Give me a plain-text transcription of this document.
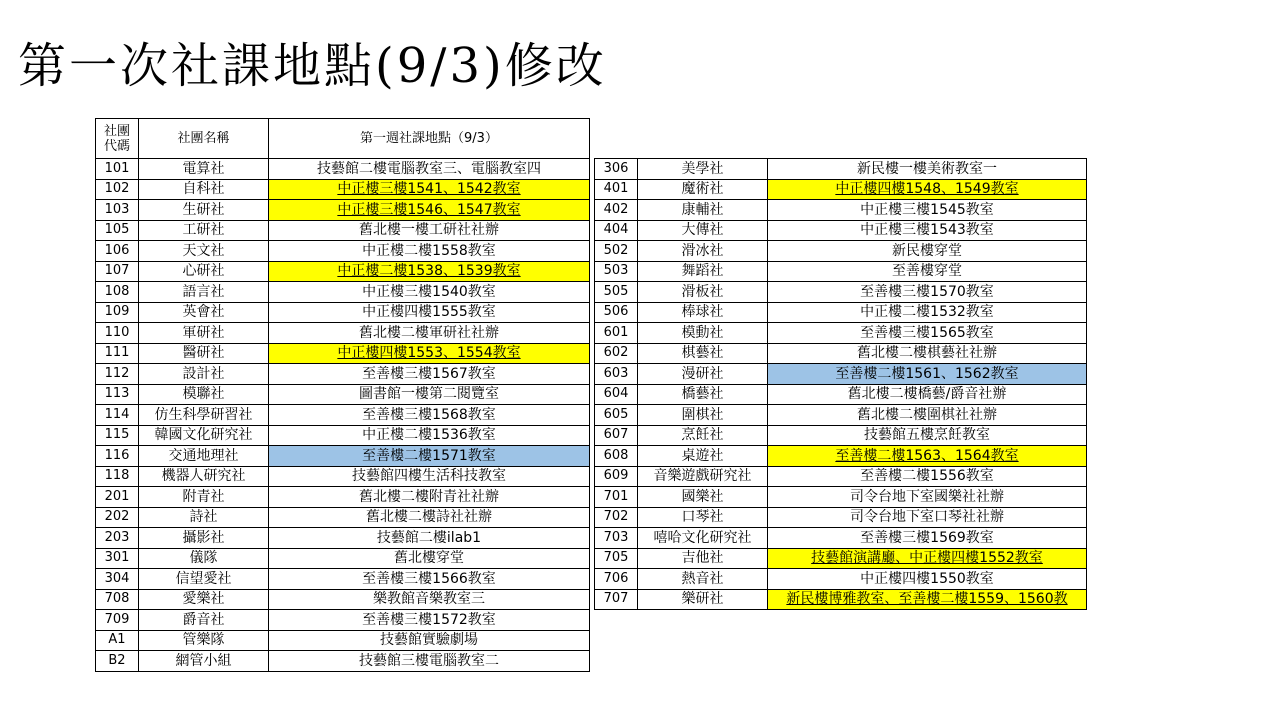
第一次社課地點(9/3)修改
社團
代碼	社團名稱	第一週社課地點（9/3）
101	電算社	技藝館二樓電腦教室三、電腦教室四
102	自科社	中正樓三樓1541、1542教室
103	生研社	中正樓三樓1546、1547教室
105	工研社	舊北樓一樓工研社社辦
106	天文社	中正樓二樓1558教室
107	心研社	中正樓二樓1538、1539教室
108	語言社	中正樓三樓1540教室
109	英會社	中正樓四樓1555教室
110	軍研社	舊北樓二樓軍研社社辦
111	醫研社	中正樓四樓1553、1554教室
112	設計社	至善樓三樓1567教室
113	模聯社	圖書館一樓第二閱覽室
114	仿生科學研習社	至善樓三樓1568教室
115	韓國文化研究社	中正樓二樓1536教室
116	交通地理社	至善樓二樓1571教室
118	機器人研究社	技藝館四樓生活科技教室
201	附青社	舊北樓二樓附青社社辦
202	詩社	舊北樓二樓詩社社辦
203	攝影社	技藝館二樓ilab1
301	儀隊	舊北樓穿堂
304	信望愛社	至善樓三樓1566教室
708	愛樂社	樂教館音樂教室三
709	爵音社	至善樓三樓1572教室
A1	管樂隊	技藝館實驗劇場
B2	網管小組	技藝館三樓電腦教室二
306	美學社	新民樓一樓美術教室一
401	魔術社	中正樓四樓1548、1549教室
402	康輔社	中正樓三樓1545教室
404	大傳社	中正樓三樓1543教室
502	滑冰社	新民樓穿堂
503	舞蹈社	至善樓穿堂
505	滑板社	至善樓三樓1570教室
506	棒球社	中正樓二樓1532教室
601	模動社	至善樓三樓1565教室
602	棋藝社	舊北樓二樓棋藝社社辦
603	漫研社	至善樓二樓1561、1562教室
604	橋藝社	舊北樓二樓橋藝/爵音社辦
605	圍棋社	舊北樓二樓圍棋社社辦
607	烹飪社	技藝館五樓烹飪教室
608	桌遊社	至善樓二樓1563、1564教室
609	音樂遊戲研究社	至善樓二樓1556教室
701	國樂社	司令台地下室國樂社社辦
702	口琴社	司令台地下室口琴社社辦
703	嘻哈文化研究社	至善樓三樓1569教室
705	吉他社	技藝館演講廳、中正樓四樓1552教室
706	熱音社	中正樓四樓1550教室
707	樂研社	新民樓博雅教室、至善樓二樓1559、1560教
